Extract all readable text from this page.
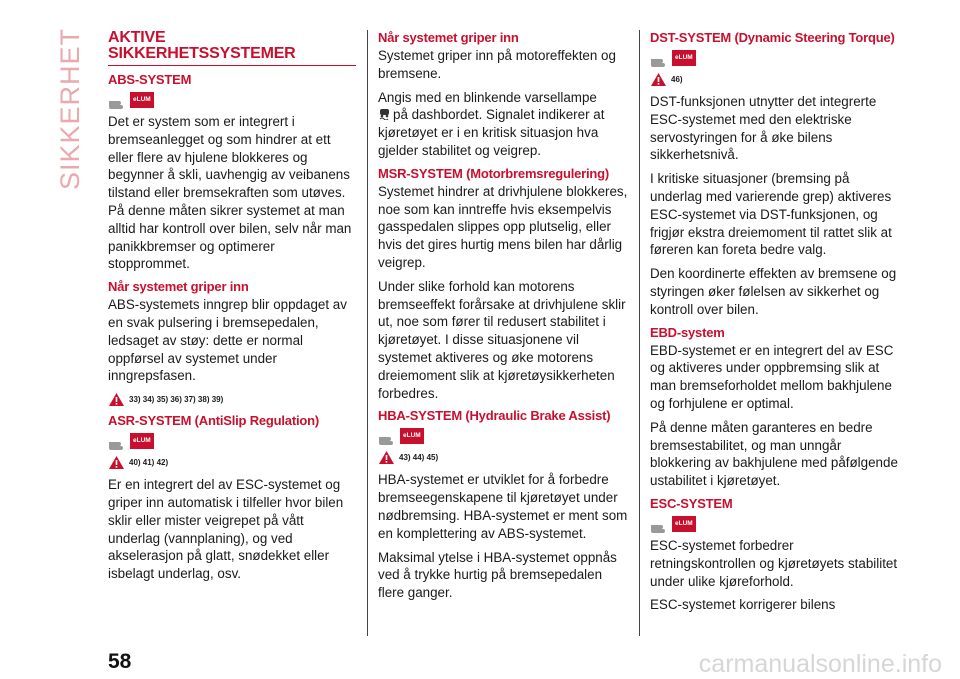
SIKKERHET AKTIVE
SIKKERHETSSYSTEMER
ABS-SYSTEM
eLUM

Det er system som er integrert i bremseanlegget og som hindrer at ett eller flere av hjulene blokkeres og begynner å skli, uavhengig av veibanens tilstand eller bremsekraften som utøves. På denne måten sikrer systemet at man alltid har kontroll over bilen, selv når man panikkbremser og optimerer stopprommet.

Når systemet griper inn

ABS-systemets inngrep blir oppdaget av en svak pulsering i bremsepedalen, ledsaget av støy: dette er normal oppførsel av systemet under inngrepsfasen.

33) 34) 35) 36) 37) 38) 39)
ASR-SYSTEM (AntiSlip Regulation)
eLUM
40) 41) 42)

Er en integrert del av ESC-systemet og griper inn automatisk i tilfeller hvor bilen sklir eller mister veigrepet på vått underlag (vannplaning), og ved akselerasjon på glatt, snødekket eller isbelagt underlag, osv.

Når systemet griper inn

Systemet griper inn på motoreffekten og bremsene.

Angis med en blinkende varsellampe
på dashbordet. Signalet indikerer at kjøretøyet er i en kritisk situasjon hva gjelder stabilitet og veigrep.

MSR-SYSTEM (Motorbremsregulering)

Systemet hindrer at drivhjulene blokkeres, noe som kan inntreffe hvis eksempelvis gasspedalen slippes opp plutselig, eller hvis det gires hurtig mens bilen har dårlig veigrep.

Under slike forhold kan motorens bremseeffekt forårsake at drivhjulene sklir ut, noe som fører til redusert stabilitet i kjøretøyet. I disse situasjonene vil systemet aktiveres og øke motorens dreiemoment slik at kjøretøysikkerheten forbedres.

HBA-SYSTEM (Hydraulic Brake Assist)
eLUM
43) 44) 45)

HBA-systemet er utviklet for å forbedre bremseegenskapene til kjøretøyet under nødbremsing. HBA-systemet er ment som en komplettering av ABS-systemet.

Maksimal ytelse i HBA-systemet oppnås ved å trykke hurtig på bremsepedalen flere ganger.

DST-SYSTEM (Dynamic Steering Torque)
eLUM
46)

DST-funksjonen utnytter det integrerte ESC-systemet med den elektriske servostyringen for å øke bilens sikkerhetsnivå.

I kritiske situasjoner (bremsing på underlag med varierende grep) aktiveres ESC-systemet via DST-funksjonen, og frigjør ekstra dreiemoment til rattet slik at føreren kan foreta bedre valg.

Den koordinerte effekten av bremsene og styringen øker følelsen av sikkerhet og kontroll over bilen.

EBD-system

EBD-systemet er en integrert del av ESC og aktiveres under oppbremsing slik at man bremseforholdet mellom bakhjulene og forhjulene er optimal.

På denne måten garanteres en bedre bremsestabilitet, og man unngår blokkering av bakhjulene med påfølgende ustabilitet i kjøretøyet.

ESC-SYSTEM
eLUM

ESC-systemet forbedrer retningskontrollen og kjøretøyets stabilitet under ulike kjøreforhold.

ESC-systemet korrigerer bilens

58	carmanualsonline.info
